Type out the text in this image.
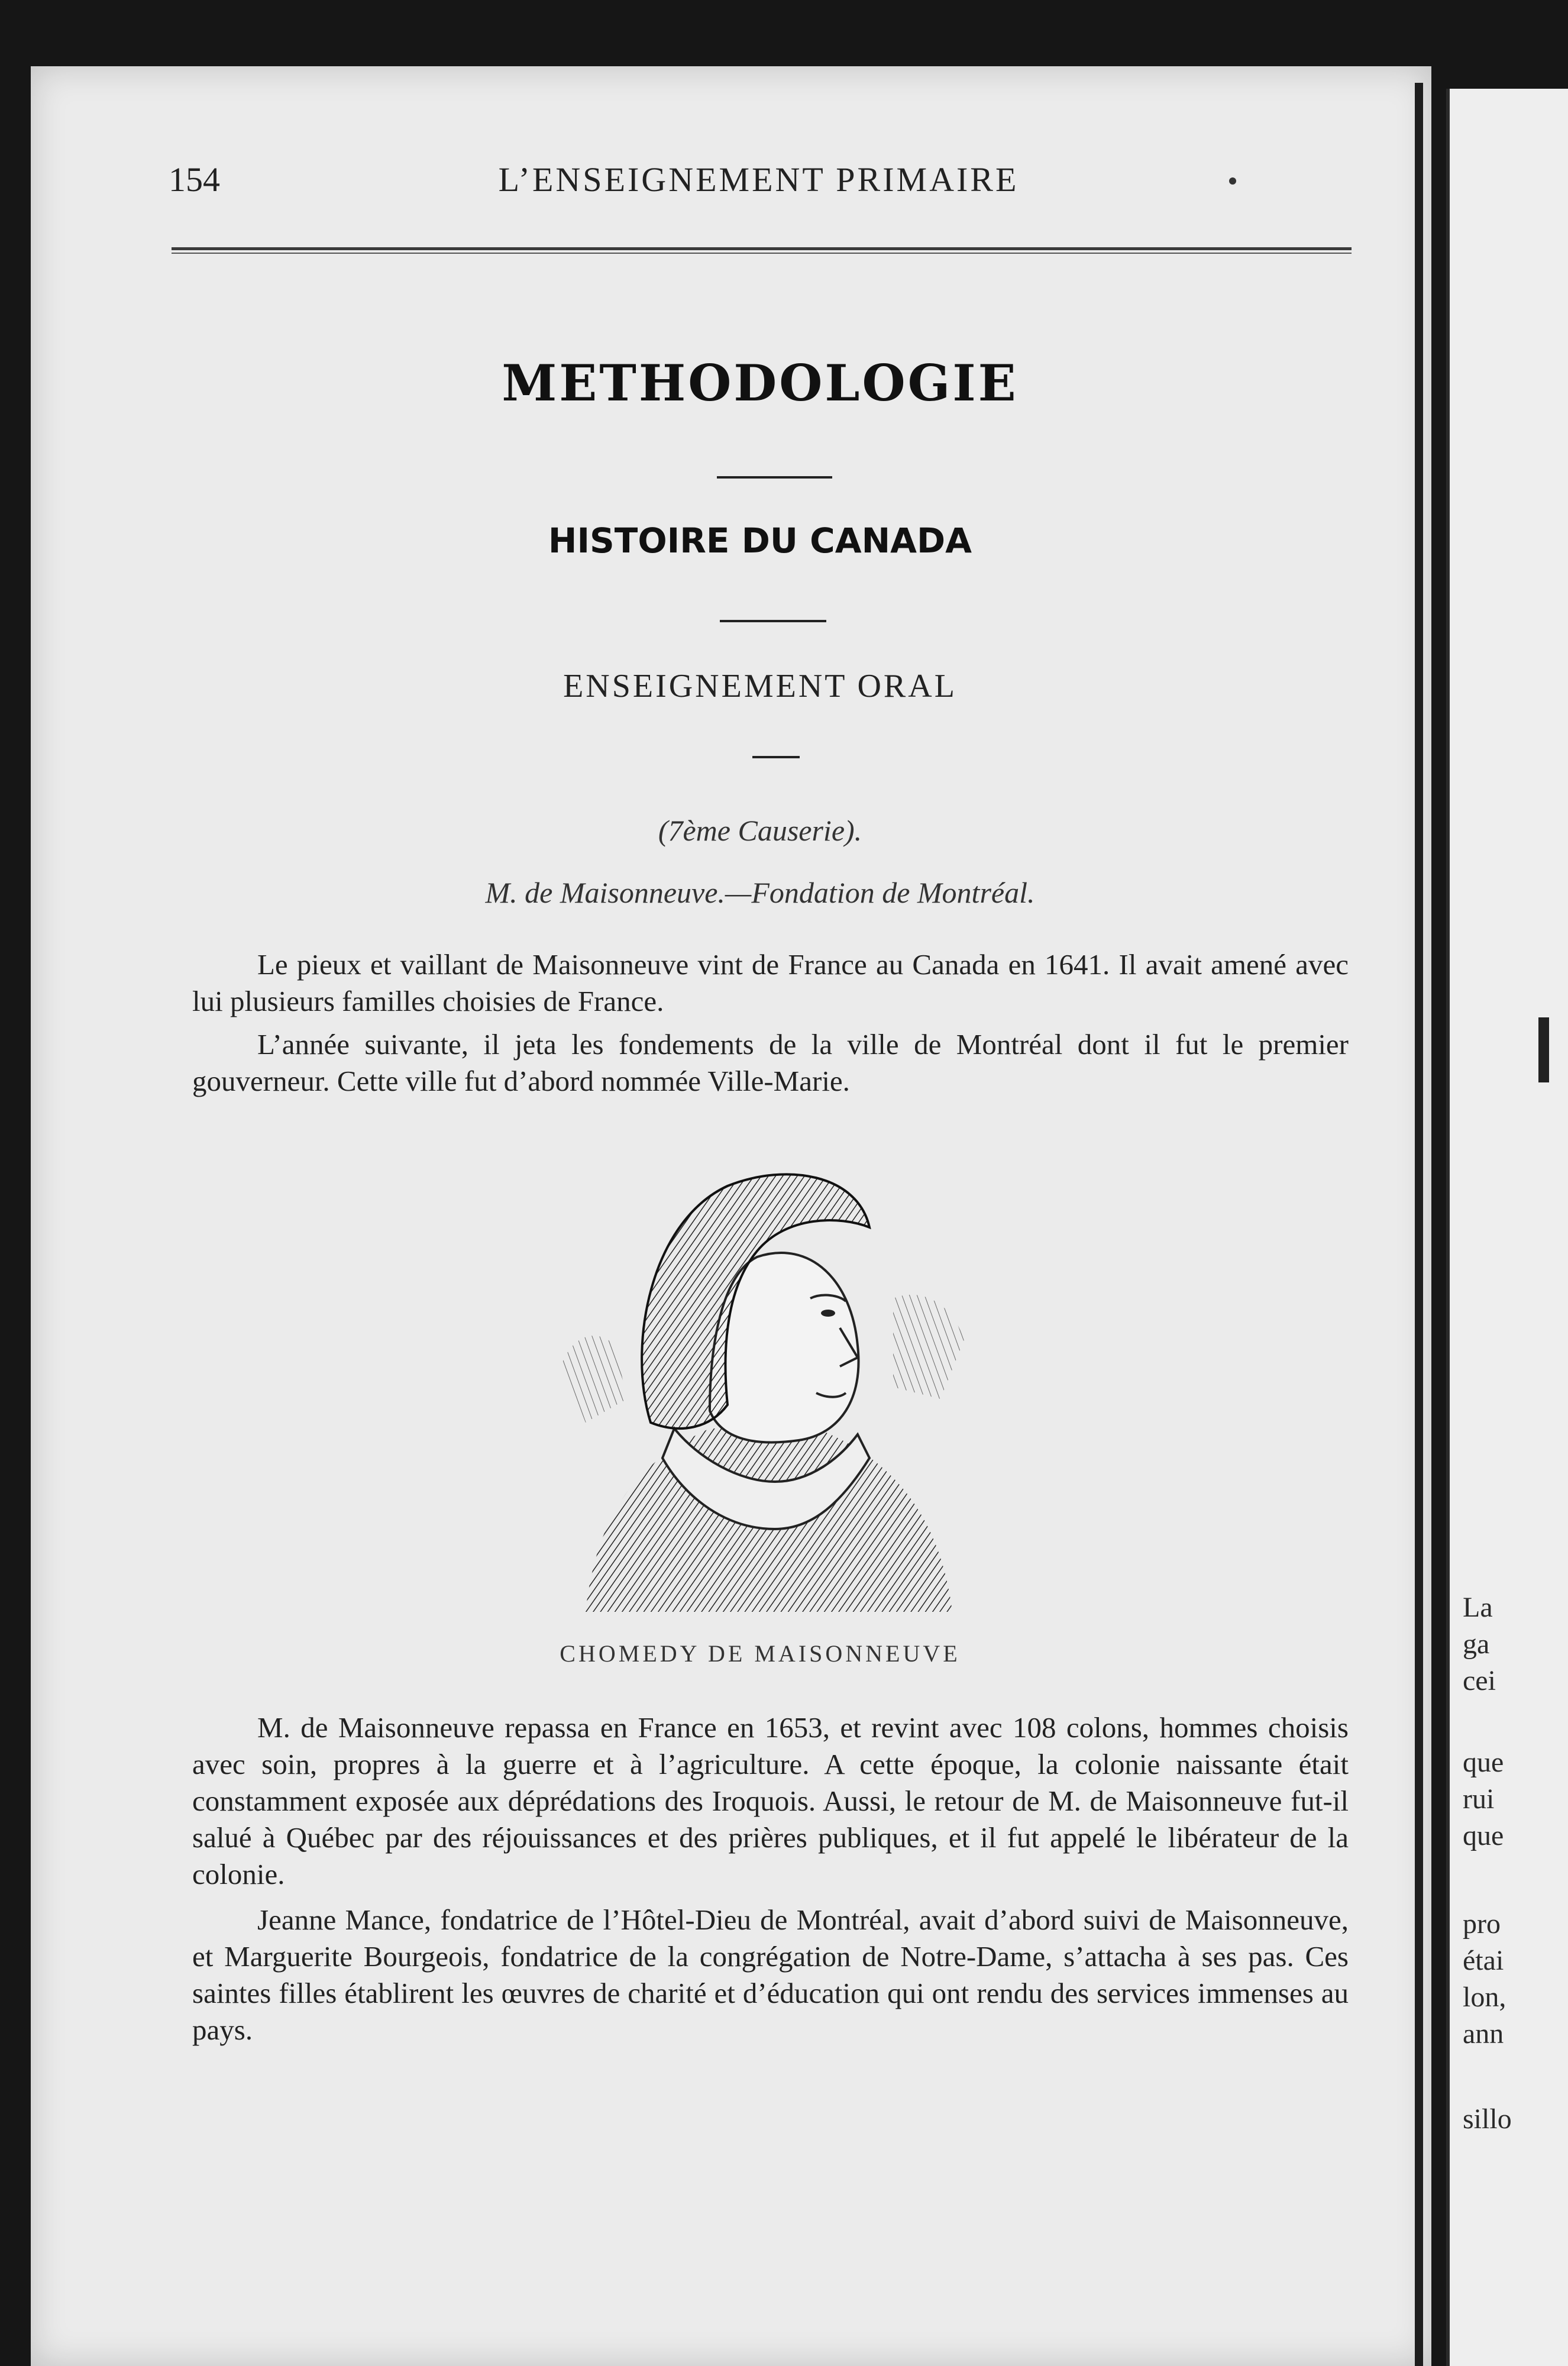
La
ga
cei
que
rui
que
pro
étai
lon,
ann
sillo
154	L’ENSEIGNEMENT PRIMAIRE
METHODOLOGIE
HISTOIRE DU CANADA
ENSEIGNEMENT ORAL
(7ème Causerie).
M. de Maisonneuve.—Fondation de Montréal.

Le pieux et vaillant de Maisonneuve vint de France au Canada en 1641. Il avait amené avec lui plusieurs familles choisies de France.

L’année suivante, il jeta les fondements de la ville de Montréal dont il fut le premier gouverneur. Cette ville fut d’abord nommée Ville-Marie.

CHOMEDY DE MAISONNEUVE

M. de Maisonneuve repassa en France en 1653, et revint avec 108 colons, hommes choisis avec soin, propres à la guerre et à l’agriculture. A cette époque, la colonie naissante était constamment exposée aux déprédations des Iroquois. Aussi, le retour de M. de Maisonneuve fut-il salué à Québec par des réjouissances et des prières publiques, et il fut appelé le libérateur de la colonie.

Jeanne Mance, fondatrice de l’Hôtel-Dieu de Montréal, avait d’abord suivi de Maisonneuve, et Marguerite Bourgeois, fondatrice de la congrégation de Notre-Dame, s’attacha à ses pas. Ces saintes filles établirent les œuvres de charité et d’éducation qui ont rendu des services immenses au pays.
